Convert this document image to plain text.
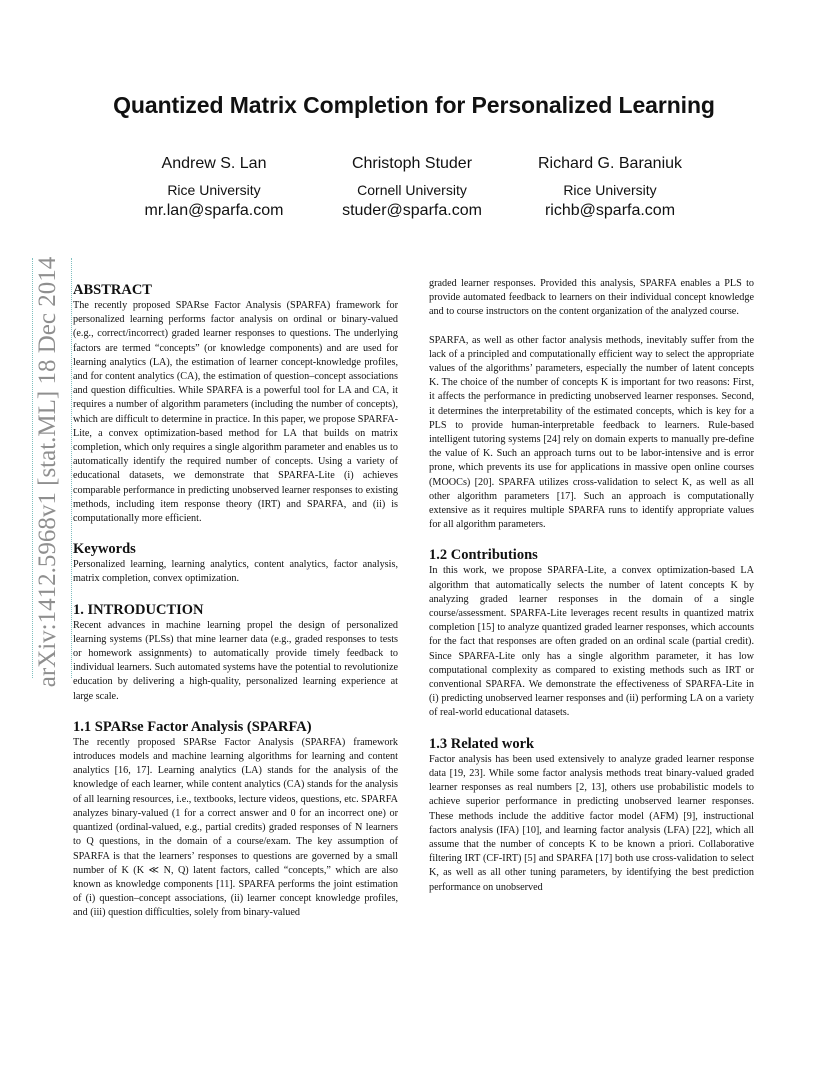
Quantized Matrix Completion for Personalized Learning
Andrew S. Lan
Rice University
mr.lan@sparfa.com
Christoph Studer
Cornell University
studer@sparfa.com
Richard G. Baraniuk
Rice University
richb@sparfa.com
arXiv:1412.5968v1 [stat.ML] 18 Dec 2014 ABSTRACT

The recently proposed SPARse Factor Analysis (SPARFA) framework for personalized learning performs factor analysis on ordinal or binary-valued (e.g., correct/incorrect) graded learner responses to questions. The underlying factors are termed “concepts” (or knowledge components) and are used for learning analytics (LA), the estimation of learner concept-knowledge profiles, and for content analytics (CA), the estimation of question–concept associations and question difficulties. While SPARFA is a powerful tool for LA and CA, it requires a number of algorithm parameters (including the number of concepts), which are difficult to determine in practice. In this paper, we propose SPARFA-Lite, a convex optimization-based method for LA that builds on matrix completion, which only requires a single algorithm parameter and enables us to automatically identify the required number of concepts. Using a variety of educational datasets, we demonstrate that SPARFA-Lite (i) achieves comparable performance in predicting unobserved learner responses to existing methods, including item response theory (IRT) and SPARFA, and (ii) is computationally more efficient.

Keywords

Personalized learning, learning analytics, content analytics, factor analysis, matrix completion, convex optimization.

1. INTRODUCTION

Recent advances in machine learning propel the design of personalized learning systems (PLSs) that mine learner data (e.g., graded responses to tests or homework assignments) to automatically provide timely feedback to individual learners. Such automated systems have the potential to revolutionize education by delivering a high-quality, personalized learning experience at large scale.

1.1 SPARse Factor Analysis (SPARFA)

The recently proposed SPARse Factor Analysis (SPARFA) framework introduces models and machine learning algorithms for learning and content analytics [16, 17]. Learning analytics (LA) stands for the analysis of the knowledge of each learner, while content analytics (CA) stands for the analysis of all learning resources, i.e., textbooks, lecture videos, questions, etc. SPARFA analyzes binary-valued (1 for a correct answer and 0 for an incorrect one) or quantized (ordinal-valued, e.g., partial credits) graded responses of N learners to Q questions, in the domain of a course/exam. The key assumption of SPARFA is that the learners’ responses to questions are governed by a small number of K (K ≪ N, Q) latent factors, called “concepts,” which are also known as knowledge components [11]. SPARFA performs the joint estimation of (i) question–concept associations, (ii) learner concept knowledge profiles, and (iii) question difficulties, solely from binary-valued

graded learner responses. Provided this analysis, SPARFA enables a PLS to provide automated feedback to learners on their individual concept knowledge and to course instructors on the content organization of the analyzed course.

SPARFA, as well as other factor analysis methods, inevitably suffer from the lack of a principled and computationally efficient way to select the appropriate values of the algorithms’ parameters, especially the number of latent concepts K. The choice of the number of concepts K is important for two reasons: First, it affects the performance in predicting unobserved learner responses. Second, it determines the interpretability of the estimated concepts, which is key for a PLS to provide human-interpretable feedback to learners. Rule-based intelligent tutoring systems [24] rely on domain experts to manually pre-define the value of K. Such an approach turns out to be labor-intensive and is error prone, which prevents its use for applications in massive open online courses (MOOCs) [20]. SPARFA utilizes cross-validation to select K, as well as all other algorithm parameters [17]. Such an approach is computationally extensive as it requires multiple SPARFA runs to identify appropriate values for all algorithm parameters.

1.2 Contributions

In this work, we propose SPARFA-Lite, a convex optimization-based LA algorithm that automatically selects the number of latent concepts K by analyzing graded learner responses in the domain of a single course/assessment. SPARFA-Lite leverages recent results in quantized matrix completion [15] to analyze quantized graded learner responses, which accounts for the fact that responses are often graded on an ordinal scale (partial credit). Since SPARFA-Lite only has a single algorithm parameter, it has low computational complexity as compared to existing methods such as IRT or conventional SPARFA. We demonstrate the effectiveness of SPARFA-Lite in (i) predicting unobserved learner responses and (ii) performing LA on a variety of real-world educational datasets.

1.3 Related work

Factor analysis has been used extensively to analyze graded learner response data [19, 23]. While some factor analysis methods treat binary-valued graded learner responses as real numbers [2, 13], others use probabilistic models to achieve superior performance in predicting unobserved learner responses. These methods include the additive factor model (AFM) [9], instructional factors analysis (IFA) [10], and learning factor analysis (LFA) [22], which all assume that the number of concepts K to be known a priori. Collaborative filtering IRT (CF-IRT) [5] and SPARFA [17] both use cross-validation to select K, as well as all other tuning parameters, by identifying the best prediction performance on unobserved
